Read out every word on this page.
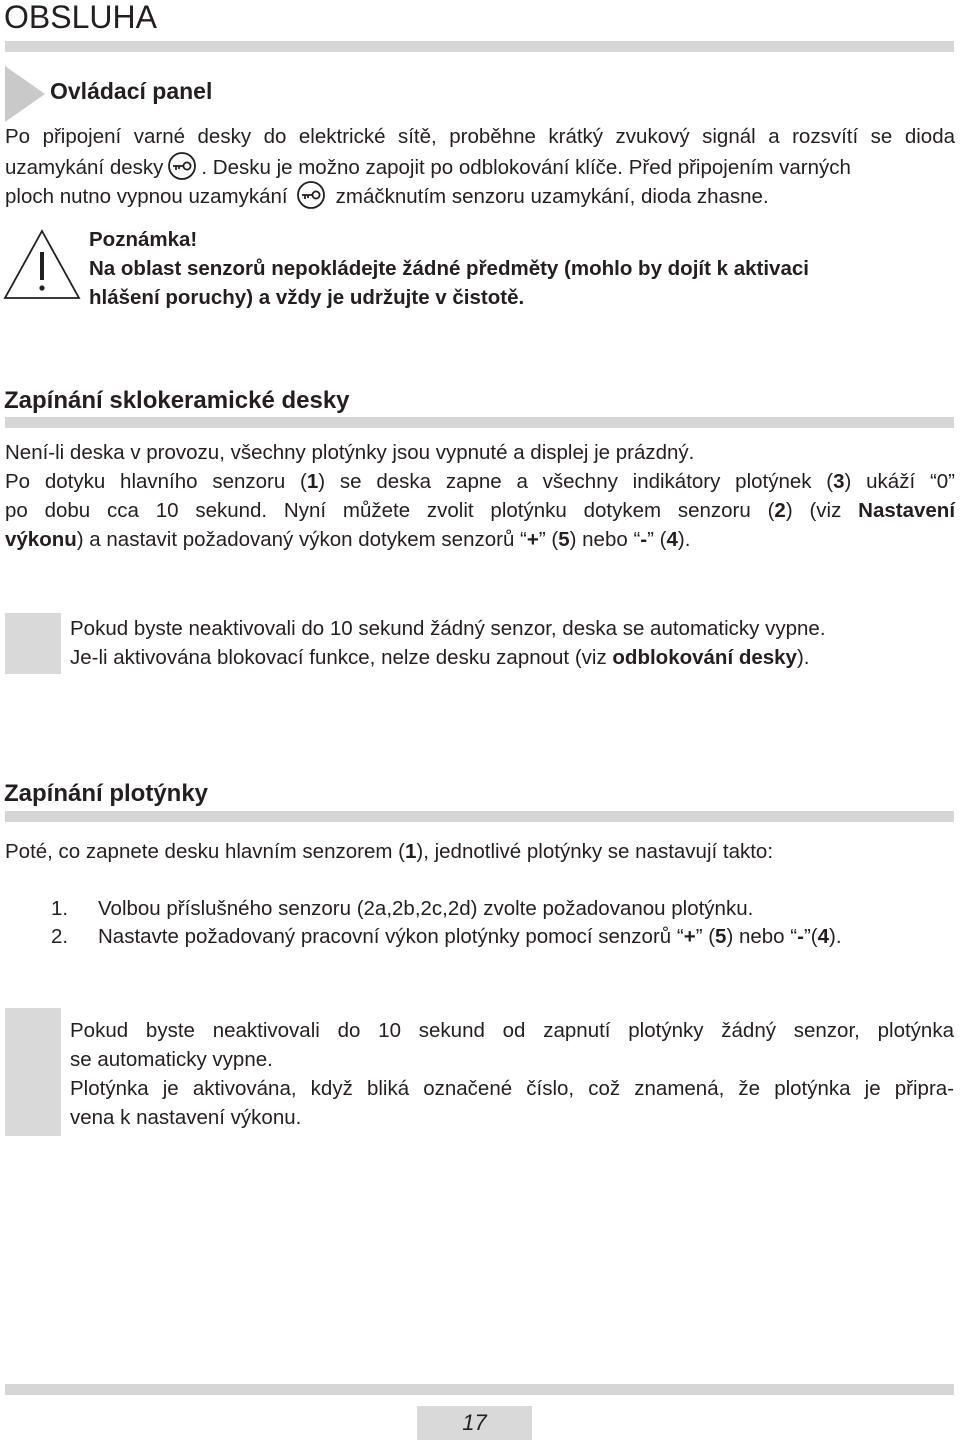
OBSLUHA
Ovládací panel
Po připojení varné desky do elektrické sítě, proběhne krátký zvukový signál a rozsvítí se dioda
uzamykání desky . Desku je možno zapojit po odblokování klíče. Před připojením varných
ploch nutno vypnou uzamykání zmáčknutím senzoru uzamykání, dioda zhasne.
Poznámka!
Na oblast senzorů nepokládejte žádné předměty (mohlo by dojít k aktivaci
hlášení poruchy) a vždy je udržujte v čistotě.
Zapínání sklokeramické desky
Není-li deska v provozu, všechny plotýnky jsou vypnuté a displej je prázdný.
Po dotyku hlavního senzoru (1) se deska zapne a všechny indikátory plotýnek (3) ukáží “0”
po dobu cca 10 sekund. Nyní můžete zvolit plotýnku dotykem senzoru (2) (viz Nastavení
výkonu) a nastavit požadovaný výkon dotykem senzorů “+” (5) nebo “-” (4).
Pokud byste neaktivovali do 10 sekund žádný senzor, deska se automaticky vypne.
Je-li aktivována blokovací funkce, nelze desku zapnout (viz odblokování desky).
Zapínání plotýnky
Poté, co zapnete desku hlavním senzorem (1), jednotlivé plotýnky se nastavují takto:
1. Volbou příslušného senzoru (2a,2b,2c,2d) zvolte požadovanou plotýnku.
2. Nastavte požadovaný pracovní výkon plotýnky pomocí senzorů “+” (5) nebo “-”(4).
Pokud byste neaktivovali do 10 sekund od zapnutí plotýnky žádný senzor, plotýnka
se automaticky vypne.
Plotýnka je aktivována, když bliká označené číslo, což znamená, že plotýnka je připra-
vena k nastavení výkonu.
17
